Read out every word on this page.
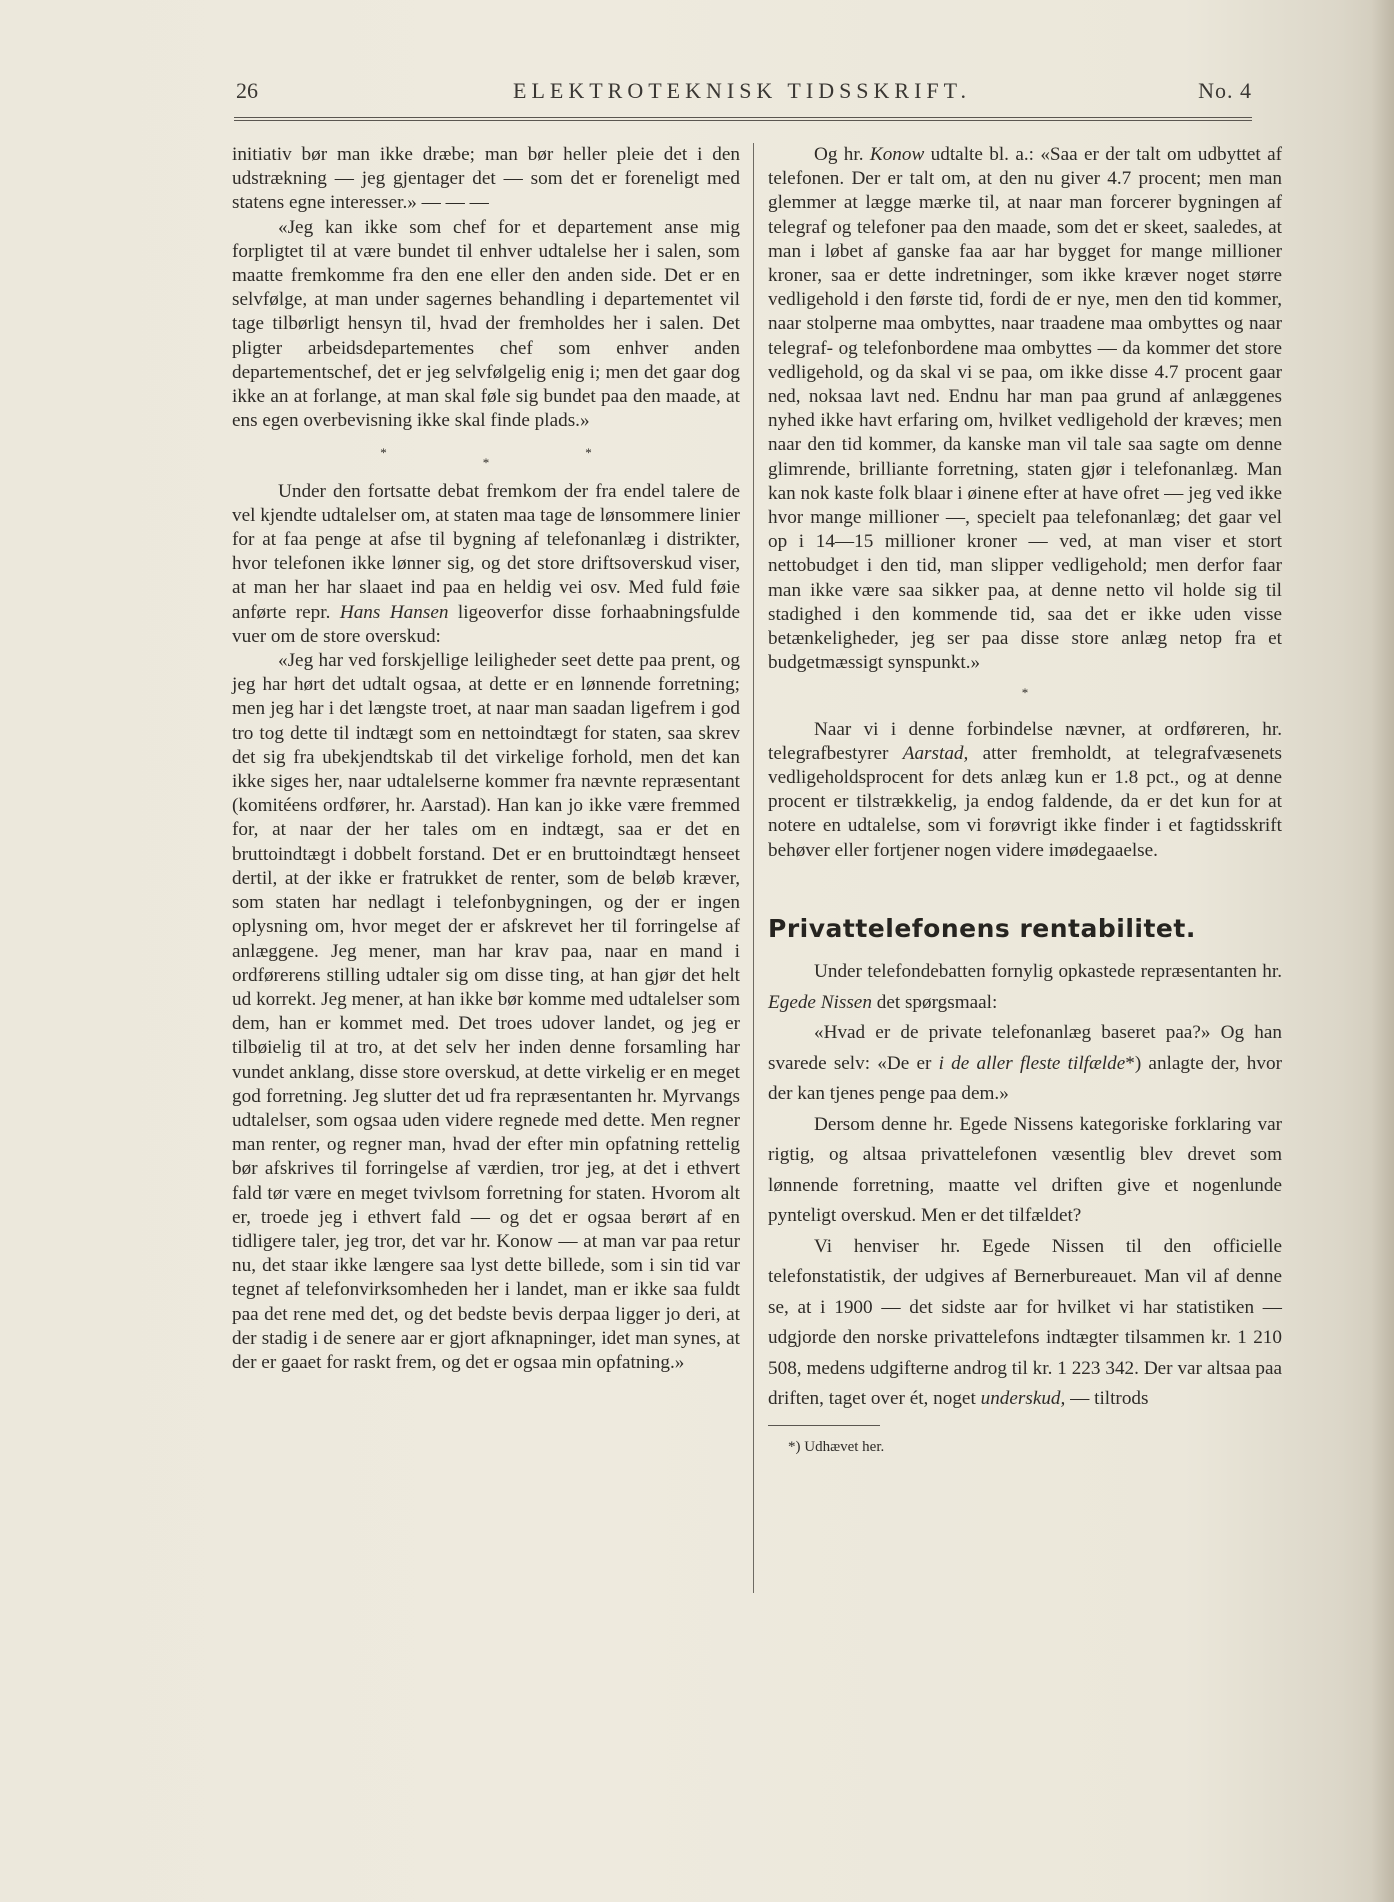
26	ELEKTROTEKNISK TIDSSKRIFT.	No. 4

initiativ bør man ikke dræbe; man bør heller pleie det i den udstrækning — jeg gjentager det — som det er foreneligt med statens egne interesser.» — — —

«Jeg kan ikke som chef for et departement anse mig forpligtet til at være bundet til enhver udtalelse her i salen, som maatte fremkomme fra den ene eller den anden side. Det er en selvfølge, at man under sagernes behandling i departementet vil tage tilbørligt hensyn til, hvad der fremholdes her i salen. Det pligter arbeidsdepartementes chef som enhver anden departementschef, det er jeg selvfølgelig enig i; men det gaar dog ikke an at forlange, at man skal føle sig bundet paa den maade, at ens egen overbevisning ikke skal finde plads.»

***

Under den fortsatte debat fremkom der fra endel talere de vel kjendte udtalelser om, at staten maa tage de lønsommere linier for at faa penge at afse til bygning af telefonanlæg i distrikter, hvor telefonen ikke lønner sig, og det store driftsoverskud viser, at man her har slaaet ind paa en heldig vei osv. Med fuld føie anførte repr. Hans Hansen ligeoverfor disse forhaabningsfulde vuer om de store overskud:

«Jeg har ved forskjellige leiligheder seet dette paa prent, og jeg har hørt det udtalt ogsaa, at dette er en lønnende forretning; men jeg har i det længste troet, at naar man saadan ligefrem i god tro tog dette til indtægt som en nettoindtægt for staten, saa skrev det sig fra ubekjendtskab til det virkelige forhold, men det kan ikke siges her, naar udtalelserne kommer fra nævnte repræsentant (komitéens ordfører, hr. Aarstad). Han kan jo ikke være fremmed for, at naar der her tales om en indtægt, saa er det en bruttoindtægt i dobbelt forstand. Det er en bruttoindtægt henseet dertil, at der ikke er fratrukket de renter, som de beløb kræver, som staten har nedlagt i telefonbygningen, og der er ingen oplysning om, hvor meget der er afskrevet her til forringelse af anlæggene. Jeg mener, man har krav paa, naar en mand i ordførerens stilling udtaler sig om disse ting, at han gjør det helt ud korrekt. Jeg mener, at han ikke bør komme med udtalelser som dem, han er kommet med. Det troes udover landet, og jeg er tilbøielig til at tro, at det selv her inden denne forsamling har vundet anklang, disse store overskud, at dette virkelig er en meget god forretning. Jeg slutter det ud fra repræsentanten hr. Myrvangs udtalelser, som ogsaa uden videre regnede med dette. Men regner man renter, og regner man, hvad der efter min opfatning rettelig bør afskrives til forringelse af værdien, tror jeg, at det i ethvert fald tør være en meget tvivlsom forretning for staten. Hvorom alt er, troede jeg i ethvert fald — og det er ogsaa berørt af en tidligere taler, jeg tror, det var hr. Konow — at man var paa retur nu, det staar ikke længere saa lyst dette billede, som i sin tid var tegnet af telefonvirksomheden her i landet, man er ikke saa fuldt paa det rene med det, og det bedste bevis derpaa ligger jo deri, at der stadig i de senere aar er gjort afknapninger, idet man synes, at der er gaaet for raskt frem, og det er ogsaa min opfatning.»

Og hr. Konow udtalte bl. a.: «Saa er der talt om udbyttet af telefonen. Der er talt om, at den nu giver 4.7 procent; men man glemmer at lægge mærke til, at naar man forcerer bygningen af telegraf og telefoner paa den maade, som det er skeet, saaledes, at man i løbet af ganske faa aar har bygget for mange millioner kroner, saa er dette indretninger, som ikke kræver noget større vedligehold i den første tid, fordi de er nye, men den tid kommer, naar stolperne maa ombyttes, naar traadene maa ombyttes og naar telegraf- og telefonbordene maa ombyttes — da kommer det store vedligehold, og da skal vi se paa, om ikke disse 4.7 procent gaar ned, noksaa lavt ned. Endnu har man paa grund af anlæggenes nyhed ikke havt erfaring om, hvilket vedligehold der kræves; men naar den tid kommer, da kanske man vil tale saa sagte om denne glimrende, brilliante forretning, staten gjør i telefonanlæg. Man kan nok kaste folk blaar i øinene efter at have ofret — jeg ved ikke hvor mange millioner —, specielt paa telefonanlæg; det gaar vel op i 14—15 millioner kroner — ved, at man viser et stort nettobudget i den tid, man slipper vedligehold; men derfor faar man ikke være saa sikker paa, at denne netto vil holde sig til stadighed i den kommende tid, saa det er ikke uden visse betænkeligheder, jeg ser paa disse store anlæg netop fra et budgetmæssigt synspunkt.»

*

Naar vi i denne forbindelse nævner, at ordføreren, hr. telegrafbestyrer Aarstad, atter fremholdt, at telegrafvæsenets vedligeholdsprocent for dets anlæg kun er 1.8 pct., og at denne procent er tilstrækkelig, ja endog faldende, da er det kun for at notere en udtalelse, som vi forøvrigt ikke finder i et fagtidsskrift behøver eller fortjener nogen videre imødegaaelse.

Privattelefonens rentabilitet.

Under telefondebatten fornylig opkastede repræsentanten hr. Egede Nissen det spørgsmaal:

«Hvad er de private telefonanlæg baseret paa?» Og han svarede selv: «De er i de aller fleste tilfælde*) anlagte der, hvor der kan tjenes penge paa dem.»

Dersom denne hr. Egede Nissens kategoriske forklaring var rigtig, og altsaa privattelefonen væsentlig blev drevet som lønnende forretning, maatte vel driften give et nogenlunde pynteligt overskud. Men er det tilfældet?

Vi henviser hr. Egede Nissen til den officielle telefonstatistik, der udgives af Bernerbureauet. Man vil af denne se, at i 1900 — det sidste aar for hvilket vi har statistiken — udgjorde den norske privattelefons indtægter tilsammen kr. 1 210 508, medens udgifterne androg til kr. 1 223 342. Der var altsaa paa driften, taget over ét, noget underskud, — tiltrods

*) Udhævet her.
